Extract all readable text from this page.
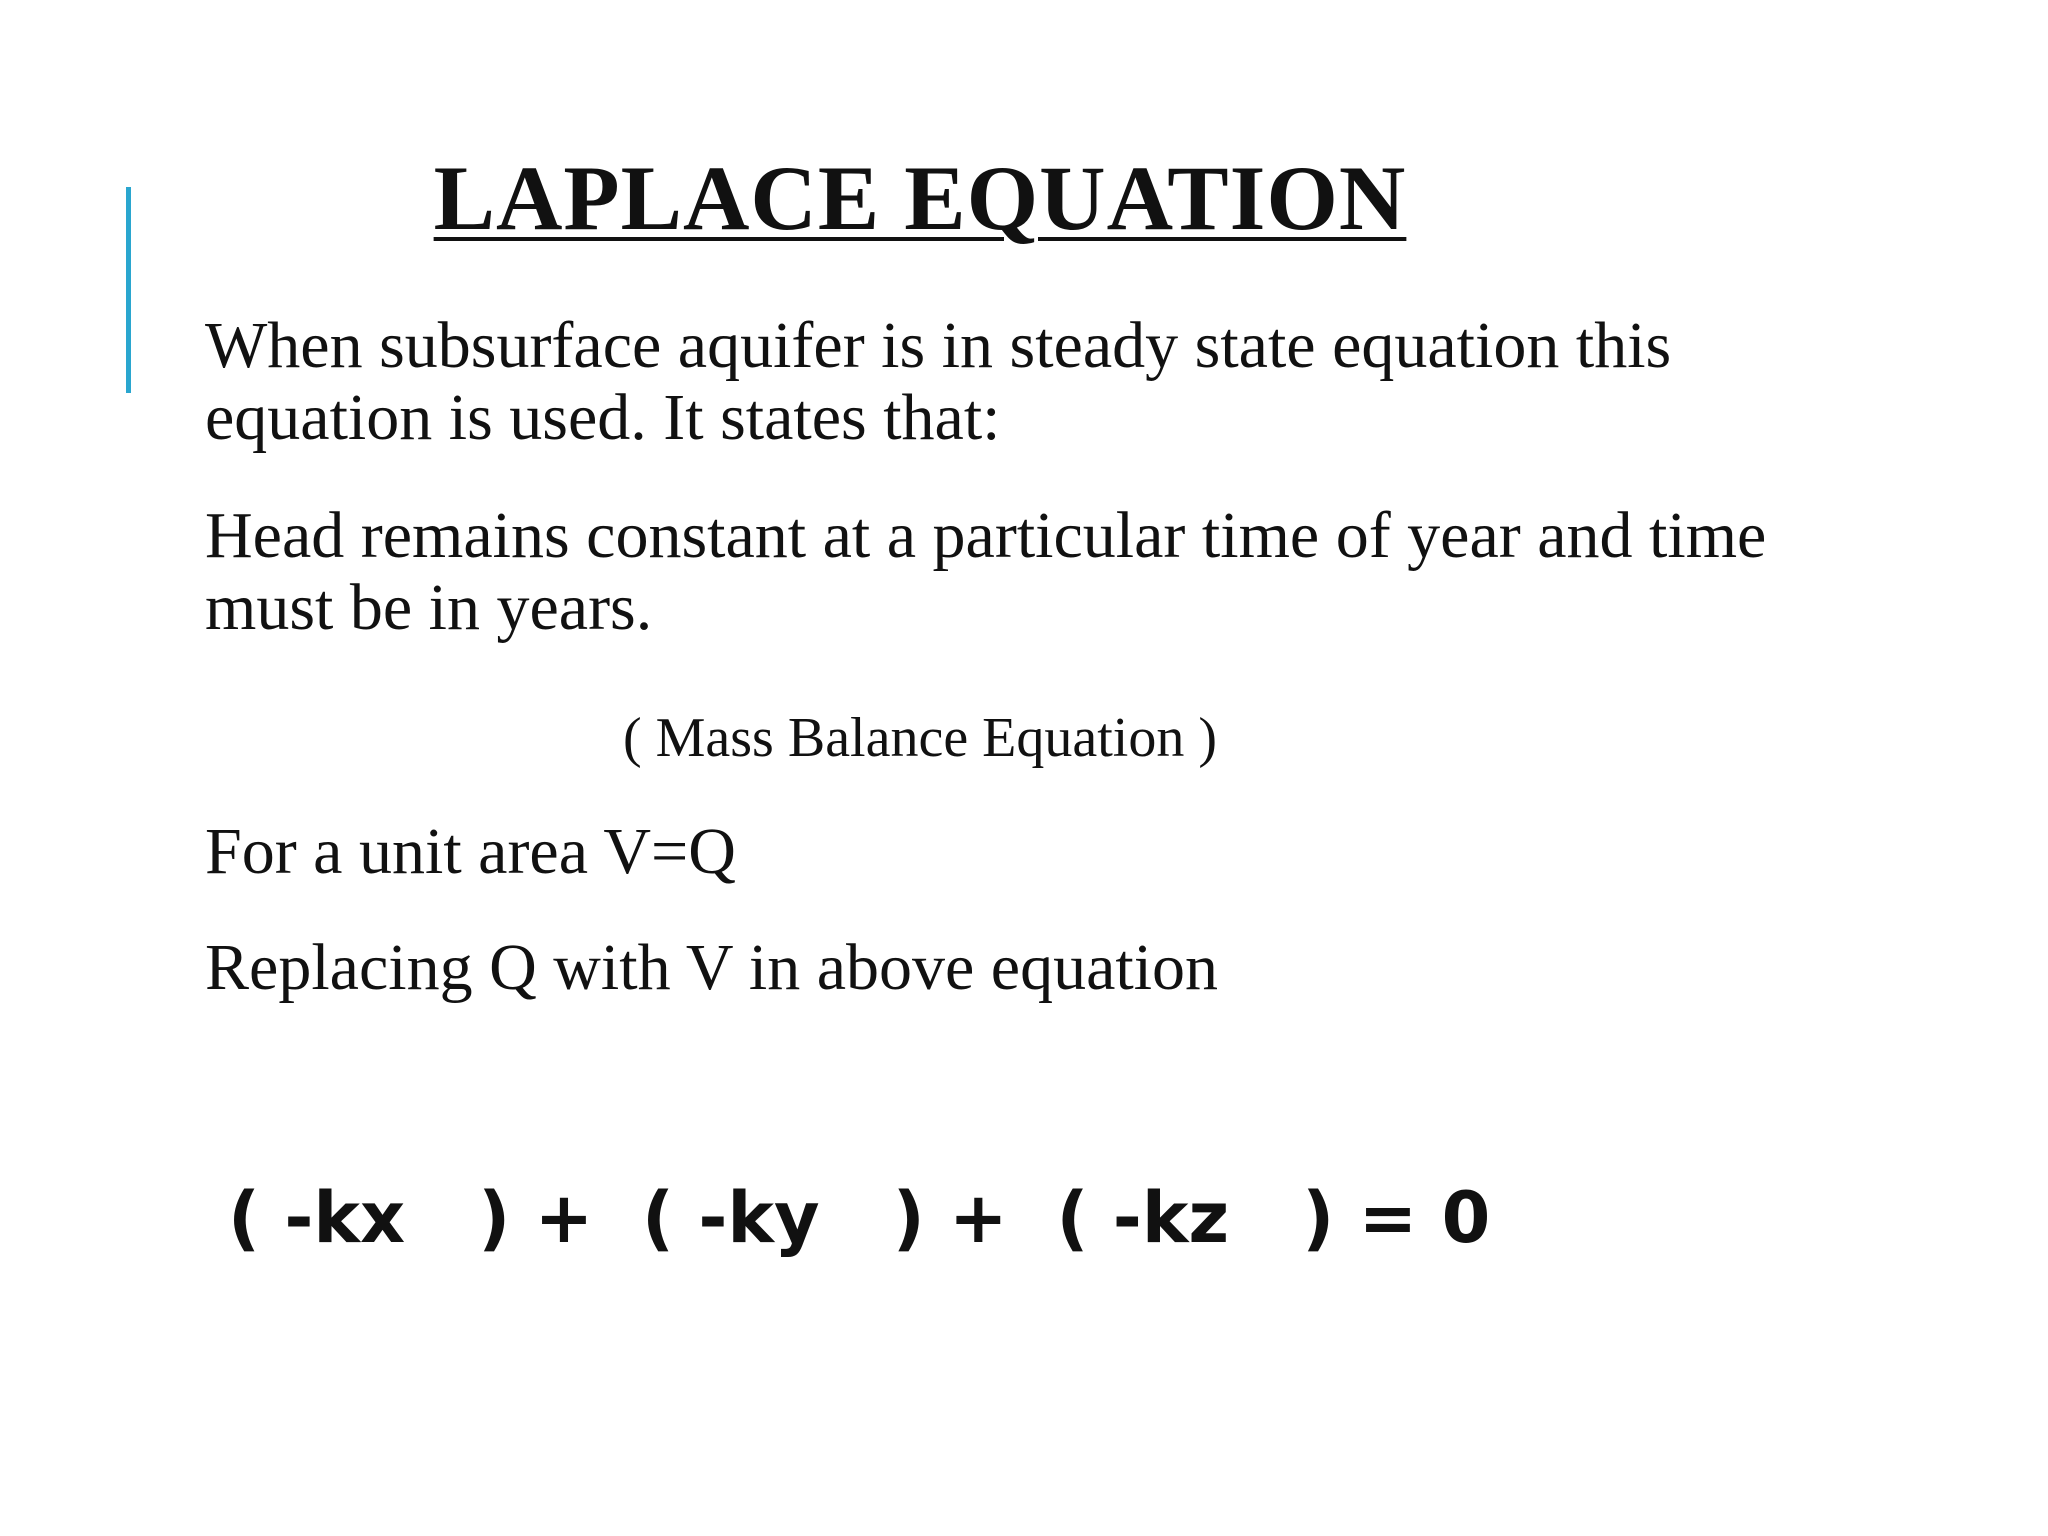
LAPLACE EQUATION
When subsurface aquifer is in steady state equation this equation is used. It states that:
Head remains constant at a particular time of year and time must be in years.
( Mass Balance Equation )
For a unit area V=Q
Replacing Q with V in above equation
( -kx   ) +  ( -ky   ) +  ( -kz   ) = 0
